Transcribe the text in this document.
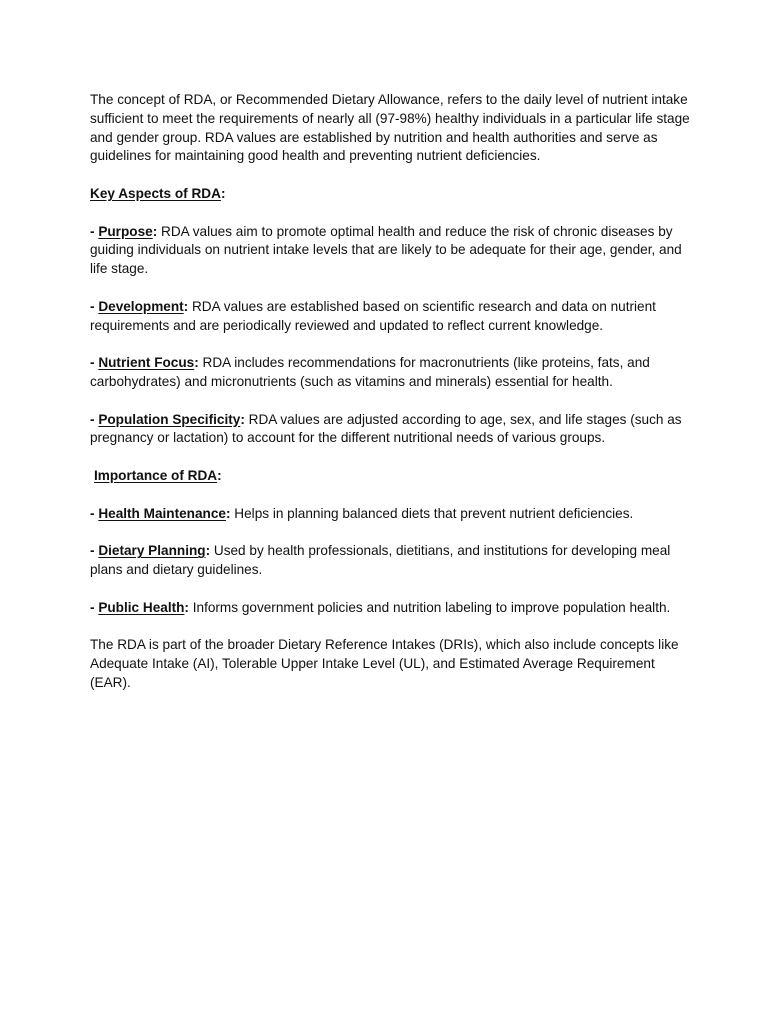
The concept of RDA, or Recommended Dietary Allowance, refers to the daily level of nutrient intake sufficient to meet the requirements of nearly all (97-98%) healthy individuals in a particular life stage and gender group. RDA values are established by nutrition and health authorities and serve as guidelines for maintaining good health and preventing nutrient deficiencies.

Key Aspects of RDA:

- Purpose: RDA values aim to promote optimal health and reduce the risk of chronic diseases by guiding individuals on nutrient intake levels that are likely to be adequate for their age, gender, and life stage.

- Development: RDA values are established based on scientific research and data on nutrient requirements and are periodically reviewed and updated to reflect current knowledge.

- Nutrient Focus: RDA includes recommendations for macronutrients (like proteins, fats, and carbohydrates) and micronutrients (such as vitamins and minerals) essential for health.

- Population Specificity: RDA values are adjusted according to age, sex, and life stages (such as pregnancy or lactation) to account for the different nutritional needs of various groups.

Importance of RDA:

- Health Maintenance: Helps in planning balanced diets that prevent nutrient deficiencies.

- Dietary Planning: Used by health professionals, dietitians, and institutions for developing meal plans and dietary guidelines.

- Public Health: Informs government policies and nutrition labeling to improve population health.

The RDA is part of the broader Dietary Reference Intakes (DRIs), which also include concepts like Adequate Intake (AI), Tolerable Upper Intake Level (UL), and Estimated Average Requirement (EAR).
